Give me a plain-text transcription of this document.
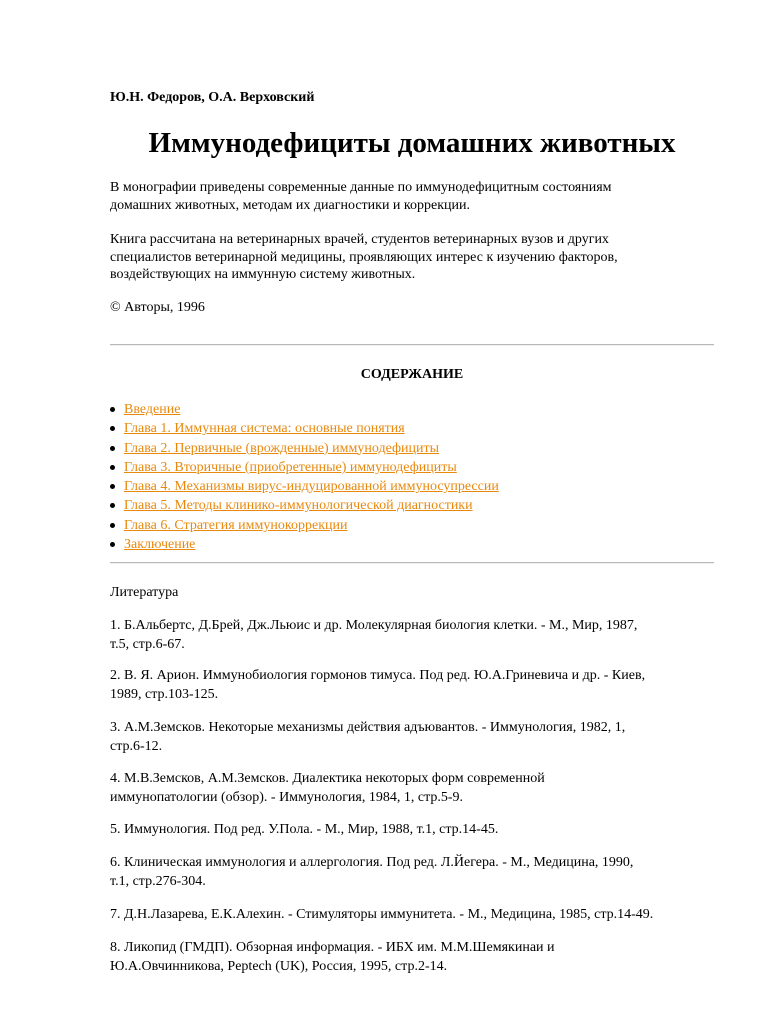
Ю.Н. Федоров, О.А. Верховский
Иммунодефициты домашних животных

В монографии приведены современные данные по иммунодефицитным состояниям
домашних животных, методам их диагностики и коррекции.

Книга рассчитана на ветеринарных врачей, студентов ветеринарных вузов и других
специалистов ветеринарной медицины, проявляющих интерес к изучению факторов,
воздействующих на иммунную систему животных.

© Авторы, 1996

СОДЕРЖАНИЕ
Введение
Глава 1. Иммунная система: основные понятия
Глава 2. Первичные (врожденные) иммунодефициты
Глава 3. Вторичные (приобретенные) иммунодефициты
Глава 4. Механизмы вирус-индуцированной иммуносупрессии
Глава 5. Методы клинико-иммунологической диагностики
Глава 6. Стратегия иммунокоррекции
Заключение

Литература

1. Б.Альбертс, Д.Брей, Дж.Льюис и др. Молекулярная биология клетки. - М., Мир, 1987,
т.5, стр.6-67.

2. В. Я. Арион. Иммунобиология гормонов тимуса. Под ред. Ю.А.Гриневича и др. - Киев,
1989, стр.103-125.

3. А.М.Земсков. Некоторые механизмы действия адъювантов. - Иммунология, 1982, 1,
стр.6-12.

4. М.В.Земсков, А.М.Земсков. Диалектика некоторых форм современной
иммунопатологии (обзор). - Иммунология, 1984, 1, стр.5-9.

5. Иммунология. Под ред. У.Пола. - М., Мир, 1988, т.1, стр.14-45.

6. Клиническая иммунология и аллергология. Под ред. Л.Йегера. - М., Медицина, 1990,
т.1, стр.276-304.

7. Д.Н.Лазарева, Е.К.Алехин. - Стимуляторы иммунитета. - М., Медицина, 1985, стр.14-49.

8. Ликопид (ГМДП). Обзорная информация. - ИБХ им. М.М.Шемякинаи и
Ю.А.Овчинникова, Peptech (UK), Россия, 1995, стр.2-14.
